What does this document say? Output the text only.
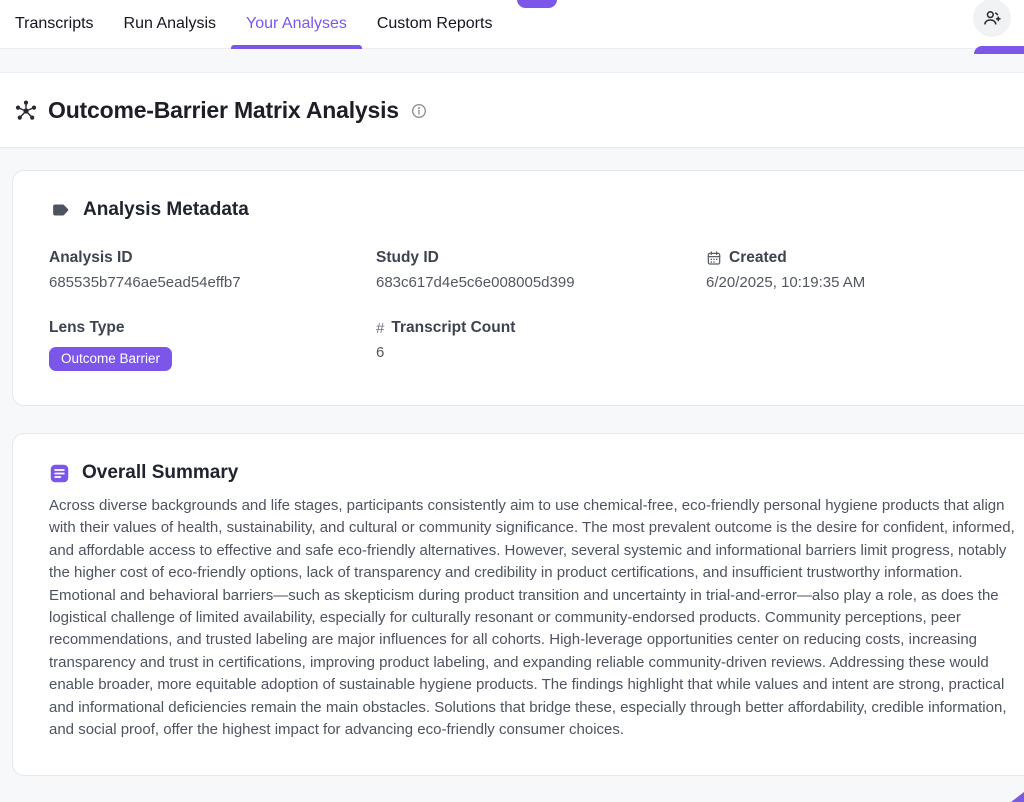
Transcripts	Run Analysis	Your Analyses	Custom Reports
Outcome-Barrier Matrix Analysis
Analysis Metadata
Analysis ID
685535b7746ae5ead54effb7
Study ID
683c617d4e5c6e008005d399
Created
6/20/2025, 10:19:35 AM
Lens Type
Outcome Barrier
# Transcript Count
6
Overall Summary

Across diverse backgrounds and life stages, participants consistently aim to use chemical-free, eco-friendly personal hygiene products that align with their values of health, sustainability, and cultural or community significance. The most prevalent outcome is the desire for confident, informed, and affordable access to effective and safe eco-friendly alternatives. However, several systemic and informational barriers limit progress, notably the higher cost of eco-friendly options, lack of transparency and credibility in product certifications, and insufficient trustworthy information. Emotional and behavioral barriers—such as skepticism during product transition and uncertainty in trial-and-error—also play a role, as does the logistical challenge of limited availability, especially for culturally resonant or community-endorsed products. Community perceptions, peer recommendations, and trusted labeling are major influences for all cohorts. High-leverage opportunities center on reducing costs, increasing transparency and trust in certifications, improving product labeling, and expanding reliable community-driven reviews. Addressing these would enable broader, more equitable adoption of sustainable hygiene products. The findings highlight that while values and intent are strong, practical and informational deficiencies remain the main obstacles. Solutions that bridge these, especially through better affordability, credible information, and social proof, offer the highest impact for advancing eco-friendly consumer choices.
